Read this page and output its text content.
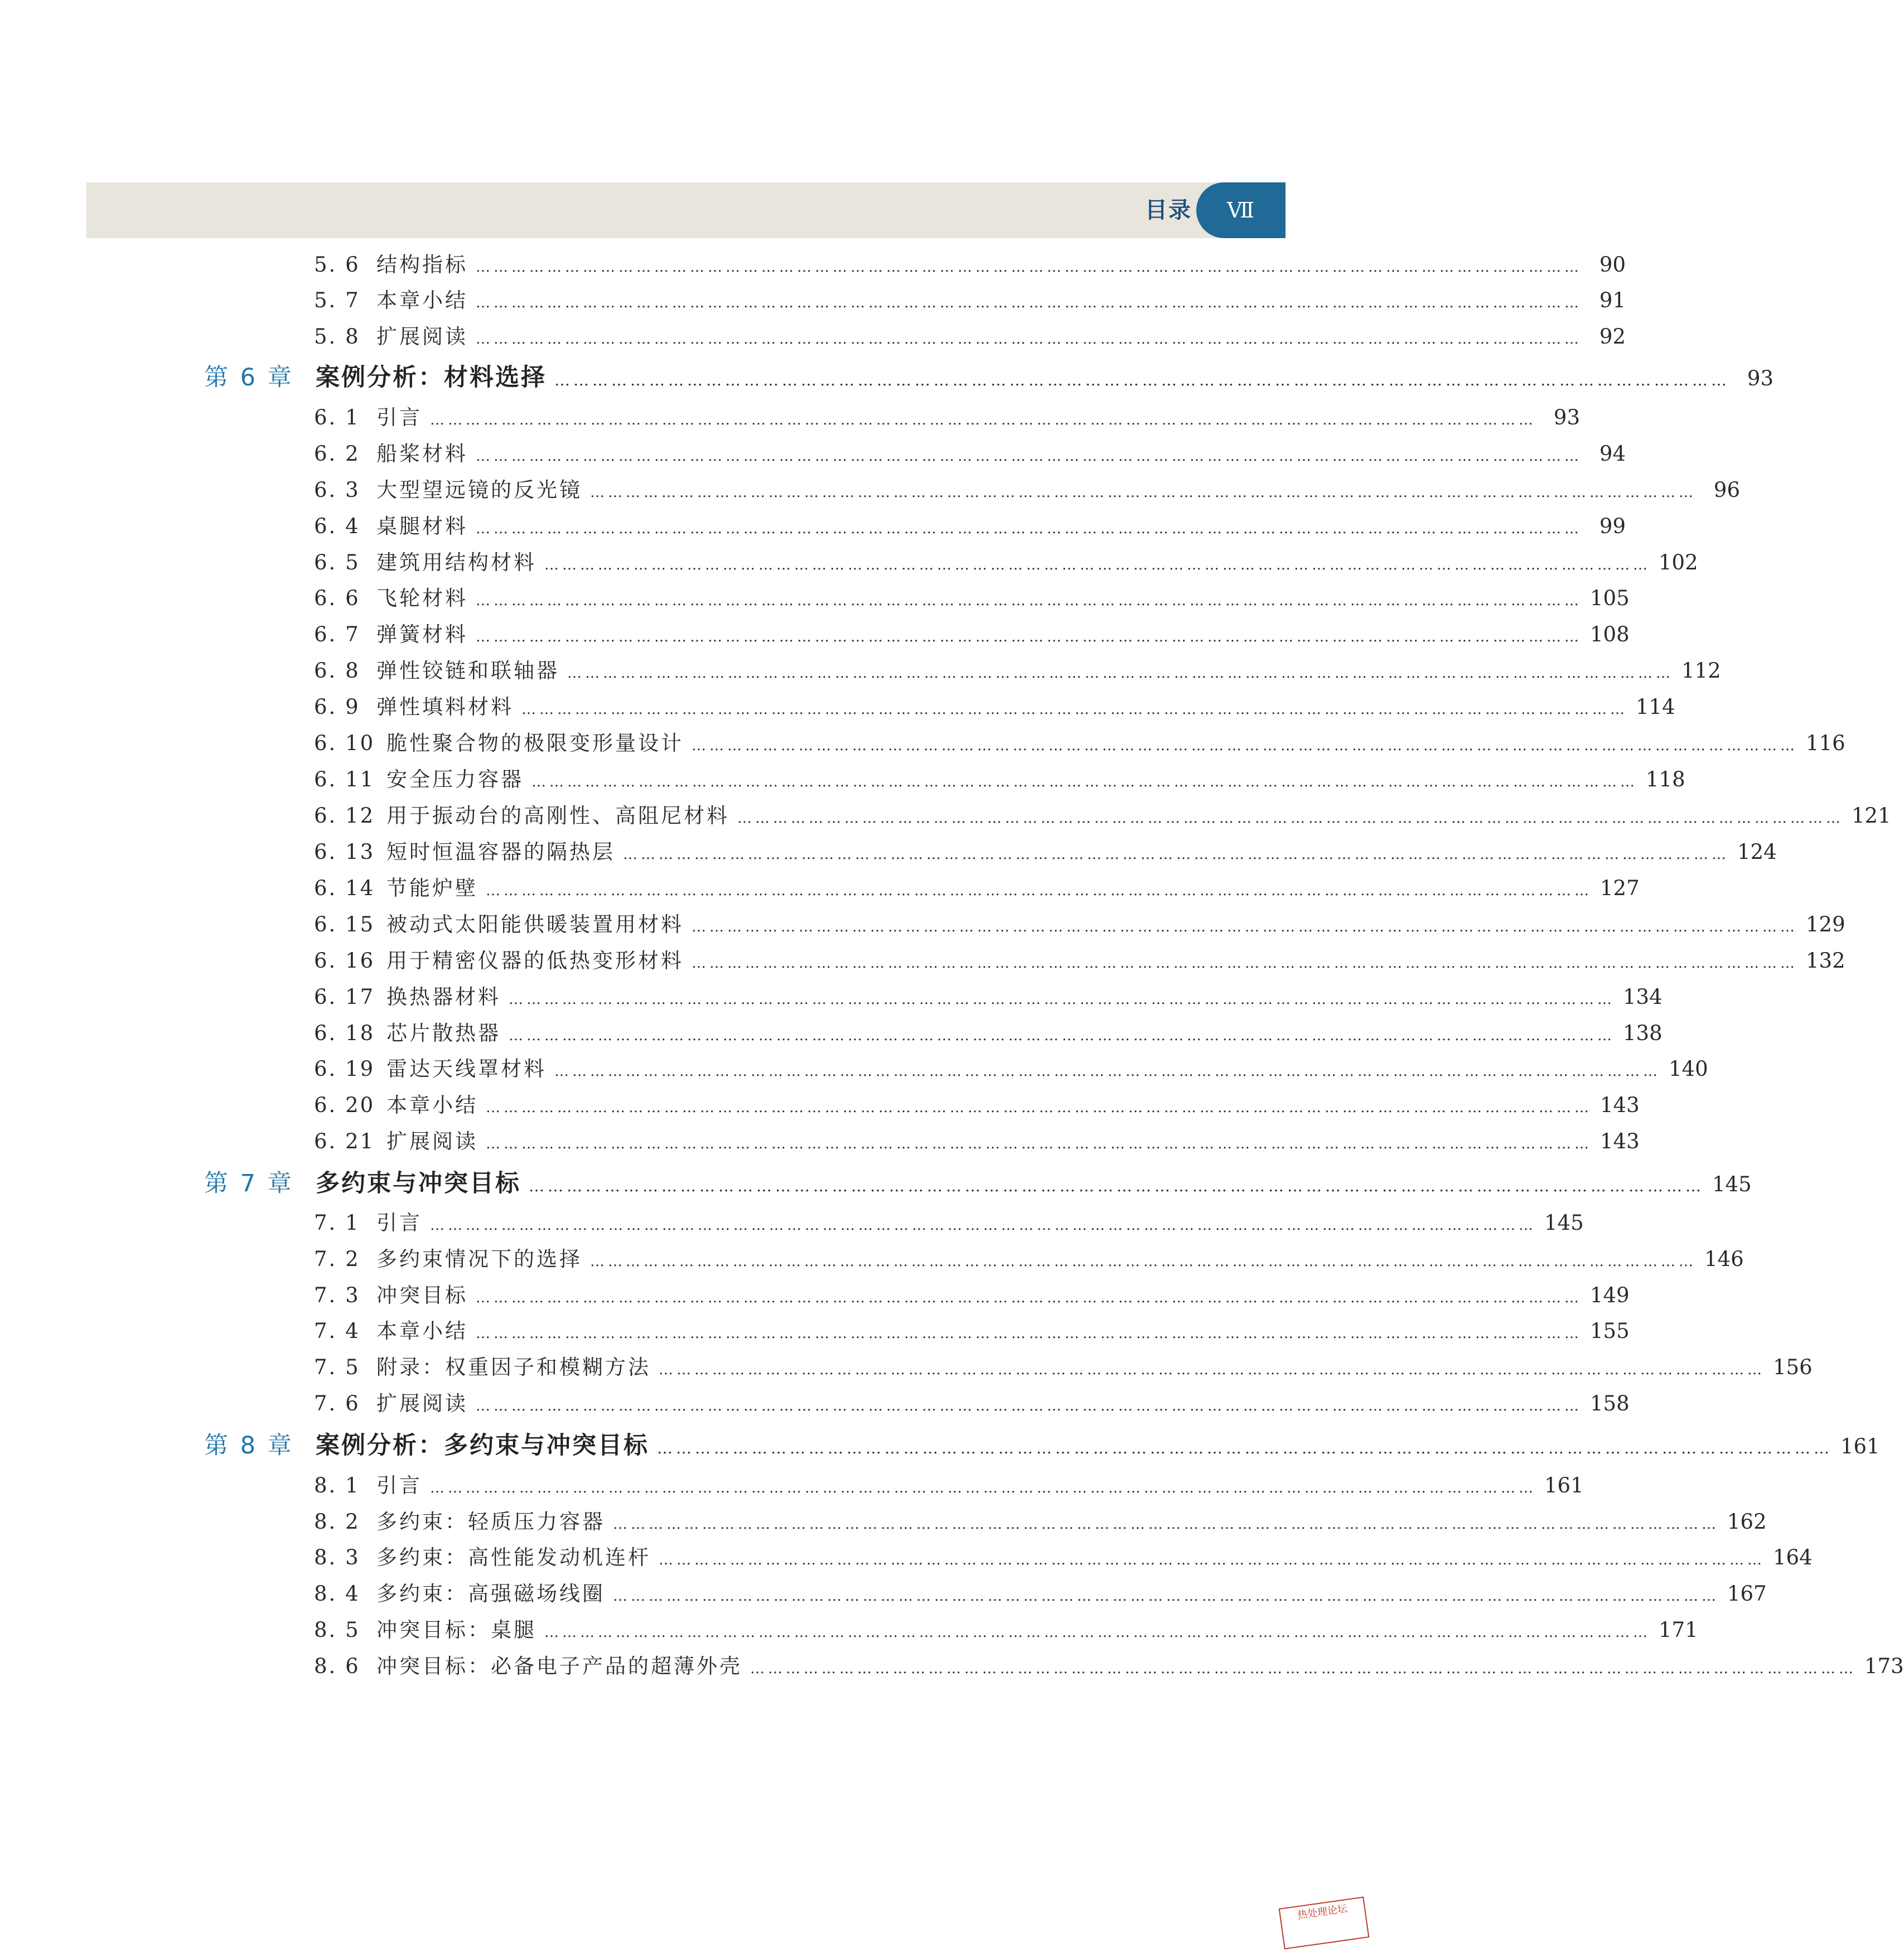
目录	Ⅶ
5. 6 结构指标 …………………………………………………………………………………………………………………………………………………………………… 90
5. 7 本章小结 …………………………………………………………………………………………………………………………………………………………………… 91
5. 8 扩展阅读 …………………………………………………………………………………………………………………………………………………………………… 92
第 6 章 案例分析：材料选择 …………………………………………………………………………………………………………………………………………………………………… 93
6. 1 引言 …………………………………………………………………………………………………………………………………………………………………… 93
6. 2 船桨材料 …………………………………………………………………………………………………………………………………………………………………… 94
6. 3 大型望远镜的反光镜 …………………………………………………………………………………………………………………………………………………………………… 96
6. 4 桌腿材料 …………………………………………………………………………………………………………………………………………………………………… 99
6. 5 建筑用结构材料 …………………………………………………………………………………………………………………………………………………………………… 102
6. 6 飞轮材料 …………………………………………………………………………………………………………………………………………………………………… 105
6. 7 弹簧材料 …………………………………………………………………………………………………………………………………………………………………… 108
6. 8 弹性铰链和联轴器 …………………………………………………………………………………………………………………………………………………………………… 112
6. 9 弹性填料材料 …………………………………………………………………………………………………………………………………………………………………… 114
6. 10 脆性聚合物的极限变形量设计 …………………………………………………………………………………………………………………………………………………………………… 116
6. 11 安全压力容器 …………………………………………………………………………………………………………………………………………………………………… 118
6. 12 用于振动台的高刚性、高阻尼材料 …………………………………………………………………………………………………………………………………………………………………… 121
6. 13 短时恒温容器的隔热层 …………………………………………………………………………………………………………………………………………………………………… 124
6. 14 节能炉壁 …………………………………………………………………………………………………………………………………………………………………… 127
6. 15 被动式太阳能供暖装置用材料 …………………………………………………………………………………………………………………………………………………………………… 129
6. 16 用于精密仪器的低热变形材料 …………………………………………………………………………………………………………………………………………………………………… 132
6. 17 换热器材料 …………………………………………………………………………………………………………………………………………………………………… 134
6. 18 芯片散热器 …………………………………………………………………………………………………………………………………………………………………… 138
6. 19 雷达天线罩材料 …………………………………………………………………………………………………………………………………………………………………… 140
6. 20 本章小结 …………………………………………………………………………………………………………………………………………………………………… 143
6. 21 扩展阅读 …………………………………………………………………………………………………………………………………………………………………… 143
第 7 章 多约束与冲突目标 …………………………………………………………………………………………………………………………………………………………………… 145
7. 1 引言 …………………………………………………………………………………………………………………………………………………………………… 145
7. 2 多约束情况下的选择 …………………………………………………………………………………………………………………………………………………………………… 146
7. 3 冲突目标 …………………………………………………………………………………………………………………………………………………………………… 149
7. 4 本章小结 …………………………………………………………………………………………………………………………………………………………………… 155
7. 5 附录：权重因子和模糊方法 …………………………………………………………………………………………………………………………………………………………………… 156
7. 6 扩展阅读 …………………………………………………………………………………………………………………………………………………………………… 158
第 8 章 案例分析：多约束与冲突目标 …………………………………………………………………………………………………………………………………………………………………… 161
8. 1 引言 …………………………………………………………………………………………………………………………………………………………………… 161
8. 2 多约束：轻质压力容器 …………………………………………………………………………………………………………………………………………………………………… 162
8. 3 多约束：高性能发动机连杆 …………………………………………………………………………………………………………………………………………………………………… 164
8. 4 多约束：高强磁场线圈 …………………………………………………………………………………………………………………………………………………………………… 167
8. 5 冲突目标：桌腿 …………………………………………………………………………………………………………………………………………………………………… 171
8. 6 冲突目标：必备电子产品的超薄外壳 …………………………………………………………………………………………………………………………………………………………………… 173
热处理论坛
